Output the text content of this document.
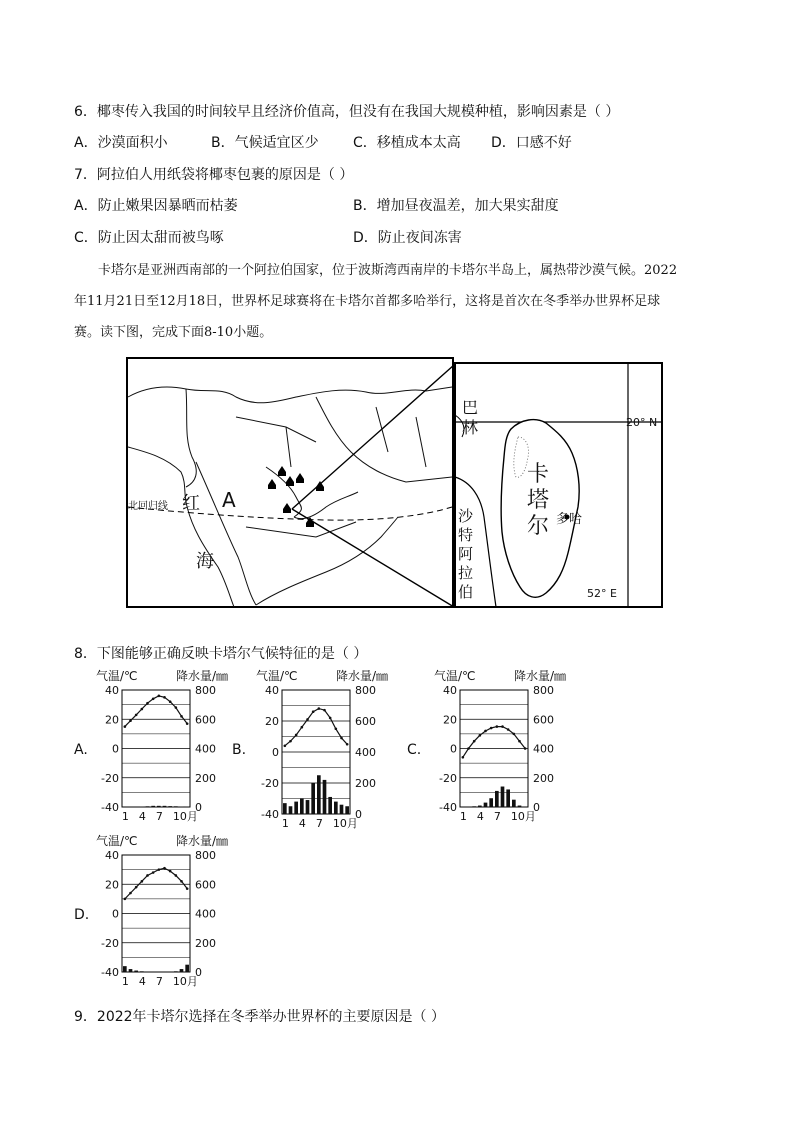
6．椰枣传入我国的时间较早且经济价值高，但没有在我国大规模种植，影响因素是（ ）
A．沙漠面积小	B．气候适宜区少 C．移植成本太高 D．口感不好
7．阿拉伯人用纸袋将椰枣包裹的原因是（ ）
A．防止嫩果因暴晒而枯萎	B．增加昼夜温差，加大果实甜度
C．防止因太甜而被鸟啄	D．防止夜间冻害
卡塔尔是亚洲西南部的一个阿拉伯国家，位于波斯湾西南岸的卡塔尔半岛上，属热带沙漠气候。2022
年11月21日至12月18日，世界杯足球赛将在卡塔尔首都多哈举行，这将是首次在冬季举办世界杯足球
赛。读下图，完成下面8-10小题。
北回归线 红 A
海
巴
林
卡
塔
尔 多哈
沙
特
阿
拉
伯
20° N
52° E
8．下图能够正确反映卡塔尔气候特征的是（ ）
A.	B.	C.
D.
气温/℃	降水量/㎜
40
20
0
-20
-40
800
600
400
200
0
1 4 7 10月
气温/℃	降水量/㎜
40
20
0
-20
-40
800
600
400
200
0
1 4 7 10月
气温/℃	降水量/㎜
40
20
0
-20
-40
800
600
400
200
0
1 4 7 10月
气温/℃	降水量/㎜
40
20
0
-20
-40
800
600
400
200
0
1 4 7 10月
9．2022年卡塔尔选择在冬季举办世界杯的主要原因是（ ）
